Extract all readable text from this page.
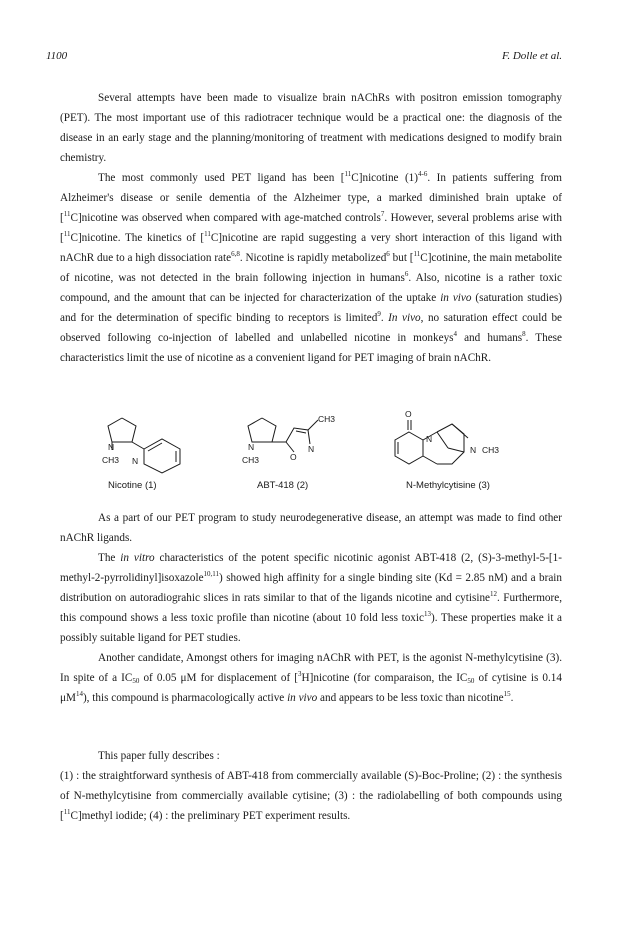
1100	F. Dolle et al.

Several attempts have been made to visualize brain nAChRs with positron emission tomography (PET). The most important use of this radiotracer technique would be a practical one: the diagnosis of the disease in an early stage and the planning/monitoring of treatment with medications designed to modify brain chemistry.

The most commonly used PET ligand has been [$^{11}$C]nicotine $(1)^{4-6}$. In patients suffering from Alzheimer's disease or senile dementia of the Alzheimer type, a marked diminished brain uptake of [$^{11}$C]nicotine was observed when compared with age-matched controls$^7$. However, several problems arise with [$^{11}$C]nicotine. The kinetics of [$^{11}$C]nicotine are rapid suggesting a very short interaction of this ligand with nAChR due to a high dissociation rate$^{6,8}$. Nicotine is rapidly metabolized$^6$ but [$^{11}$C]cotinine, the main metabolite of nicotine, was not detected in the brain following injection in humans$^6$. Also, nicotine is a rather toxic compound, and the amount that can be injected for characterization of the uptake in vivo (saturation studies) and for the determination of specific binding to receptors is limited$^9$. In vivo, no saturation effect could be observed following co-injection of labelled and unlabelled nicotine in monkeys$^4$ and humans$^8$. These characteristics limit the use of nicotine as a convenient ligand for PET imaging of brain nAChR.

N
CH3 N
Nicotine (1)
N
CH3	O
N
CH3
ABT-418 (2)
O
N
N CH3
N-Methylcytisine (3)

As a part of our PET program to study neurodegenerative disease, an attempt was made to find other nAChR ligands.

The in vitro characteristics of the potent specific nicotinic agonist ABT-418 (2, (S)-3-methyl-5-[1-methyl-2-pyrrolidinyl]isoxazole$^{10,11}$) showed high affinity for a single binding site (Kd = 2.85 nM) and a brain distribution on autoradiograhic slices in rats similar to that of the ligands nicotine and cytisine$^{12}$. Furthermore, this compound shows a less toxic profile than nicotine (about 10 fold less toxic$^{13}$). These properties make it a possibly suitable ligand for PET studies.

Another candidate, Amongst others for imaging nAChR with PET, is the agonist N-methylcytisine (3). In spite of a $IC_{50}$ of 0.05 μM for displacement of [$^3$H]nicotine (for comparaison, the $IC_{50}$ of cytisine is 0.14 $\mu M^{14}$), this compound is pharmacologically active in vivo and appears to be less toxic than nicotine$^{15}$.

This paper fully describes :

(1) : the straightforward synthesis of ABT-418 from commercially available (S)-Boc-Proline; (2) : the synthesis of N-methylcytisine from commercially available cytisine; (3) : the radiolabelling of both compounds using [$^{11}$C]methyl iodide; (4) : the preliminary PET experiment results.
